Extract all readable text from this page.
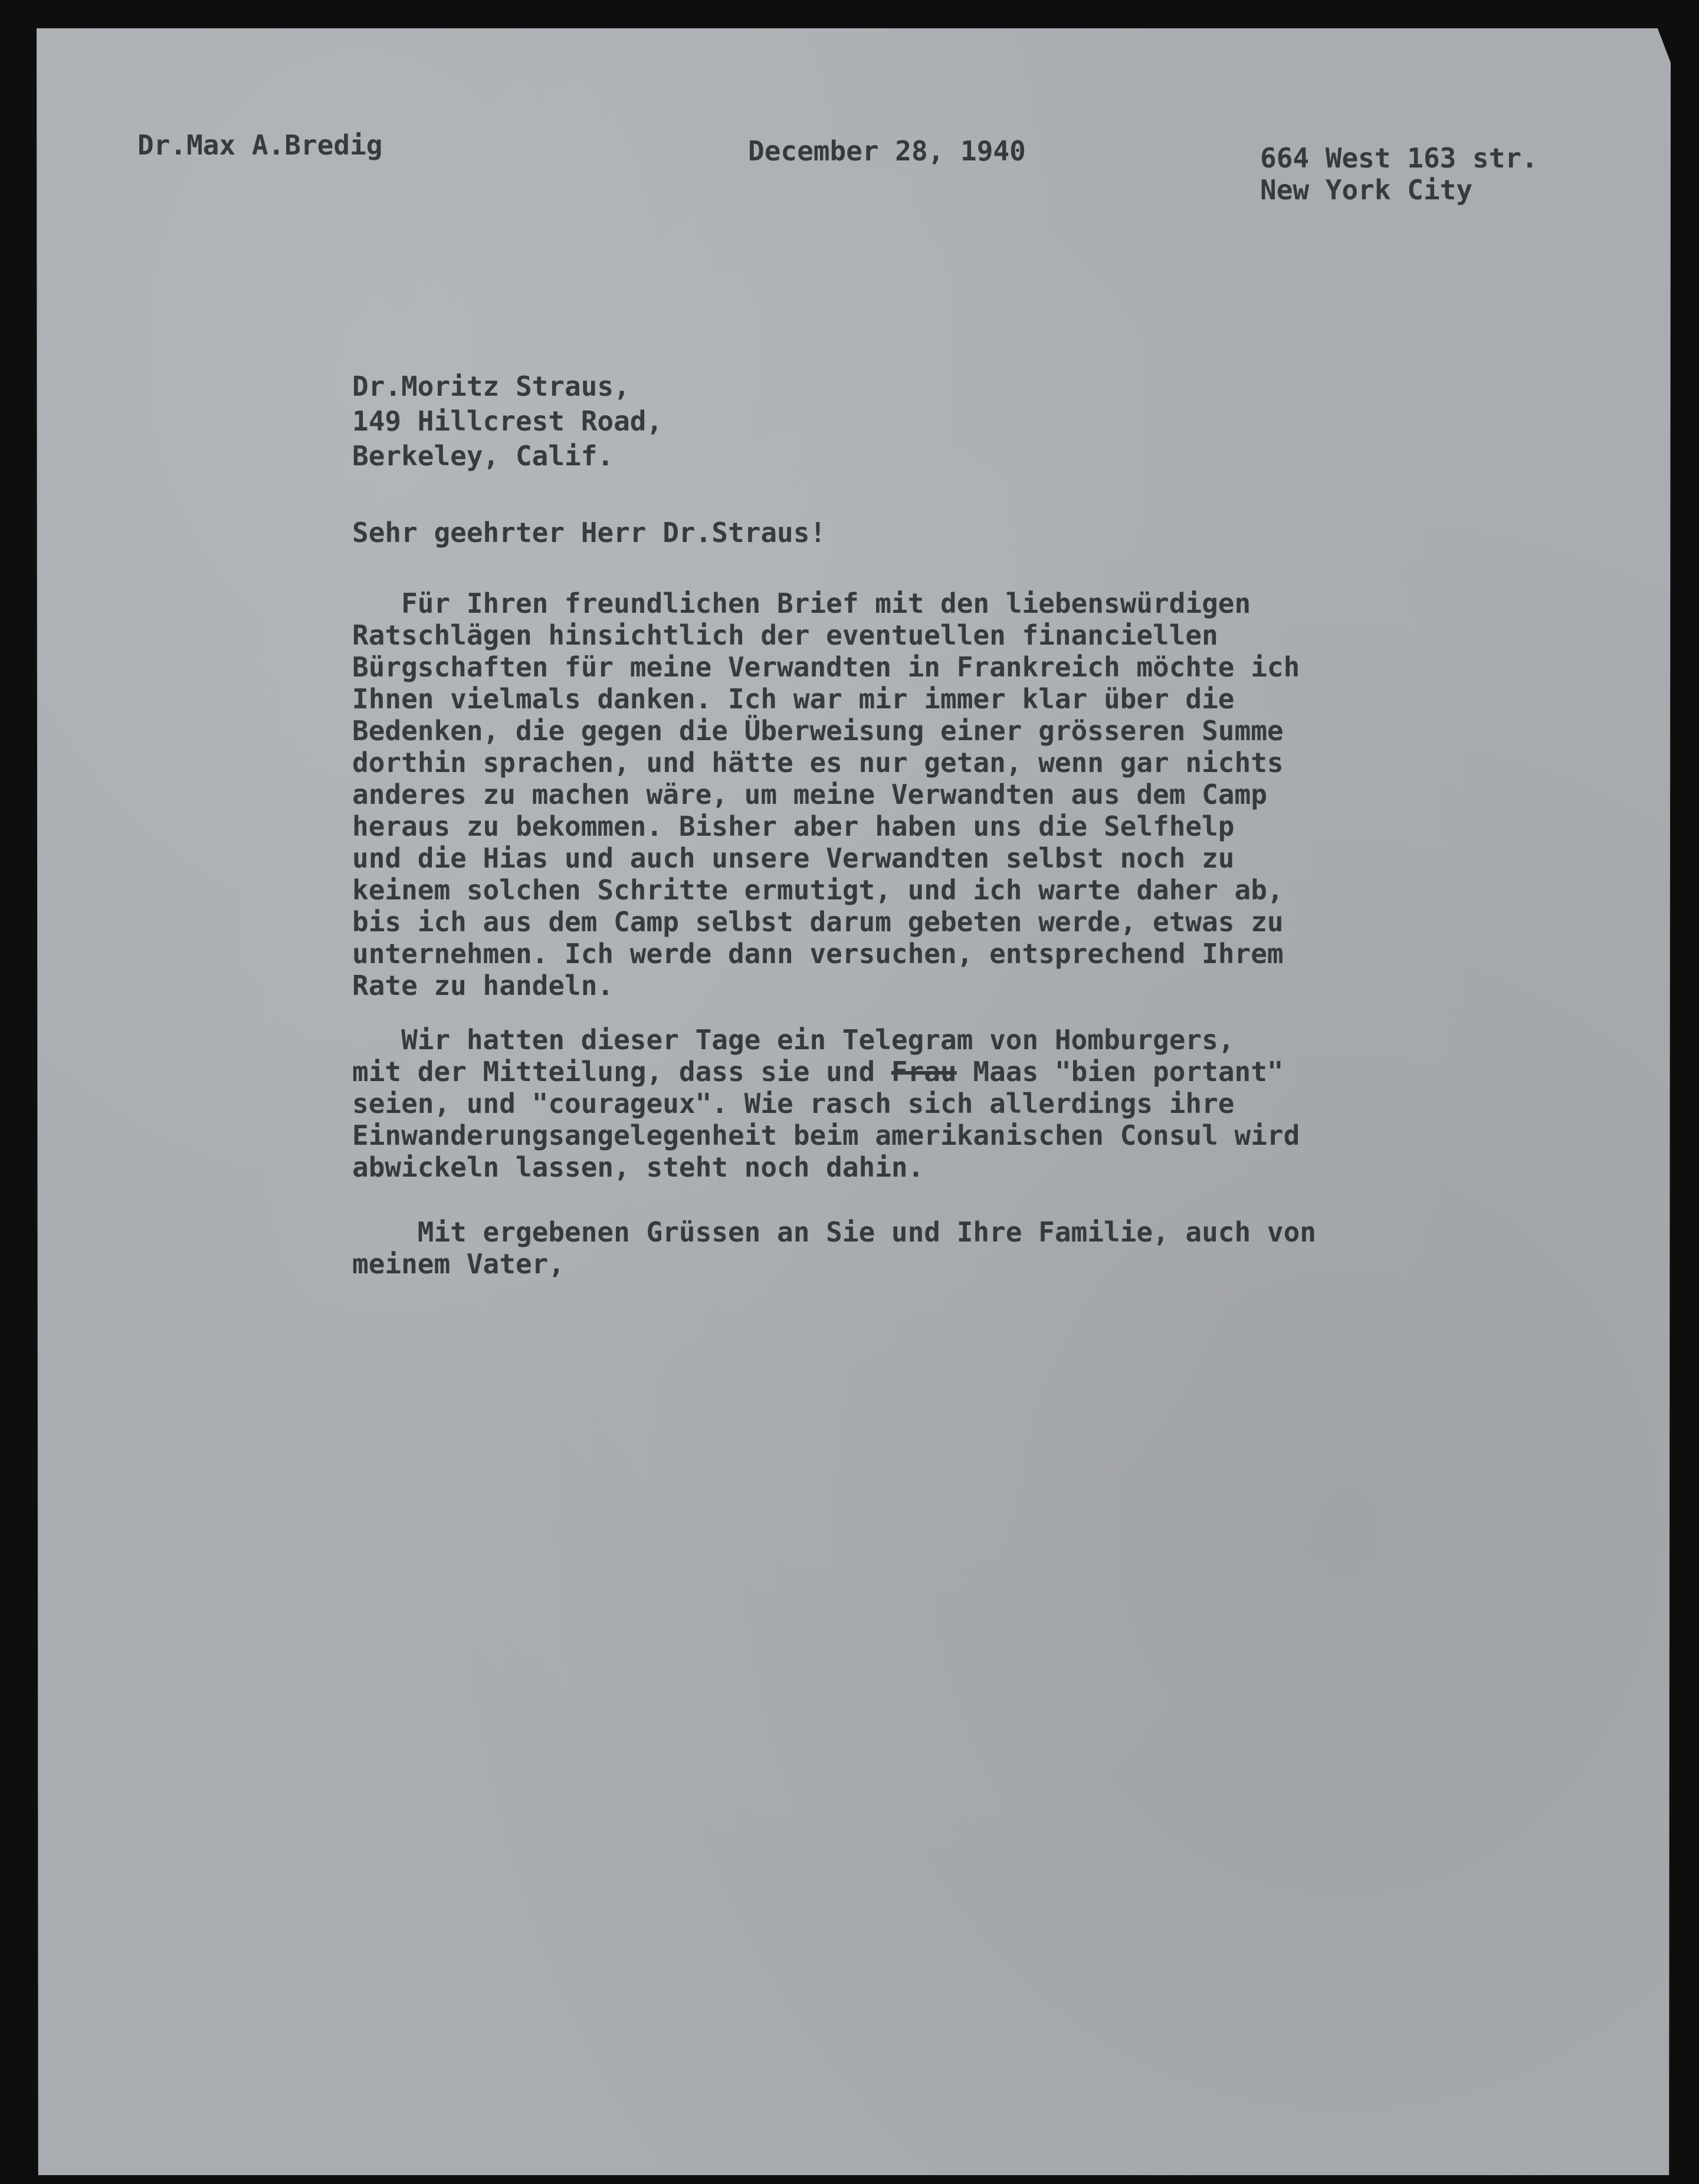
Dr.Max A.Bredig	December 28, 1940	664 West 163 str.

New York City

Dr.Moritz Straus,

149 Hillcrest Road,

Berkeley, Calif.

Sehr geehrter Herr Dr.Straus!

Für Ihren freundlichen Brief mit den liebenswürdigen

Ratschlägen hinsichtlich der eventuellen financiellen

Bürgschaften für meine Verwandten in Frankreich möchte ich

Ihnen vielmals danken. Ich war mir immer klar über die

Bedenken, die gegen die Überweisung einer grösseren Summe

dorthin sprachen, und hätte es nur getan, wenn gar nichts

anderes zu machen wäre, um meine Verwandten aus dem Camp

heraus zu bekommen. Bisher aber haben uns die Selfhelp

und die Hias und auch unsere Verwandten selbst noch zu

keinem solchen Schritte ermutigt, und ich warte daher ab,

bis ich aus dem Camp selbst darum gebeten werde, etwas zu

unternehmen. Ich werde dann versuchen, entsprechend Ihrem

Rate zu handeln.

Wir hatten dieser Tage ein Telegram von Homburgers,

mit der Mitteilung, dass sie und Frau Maas "bien portant"

seien, und "courageux". Wie rasch sich allerdings ihre

Einwanderungsangelegenheit beim amerikanischen Consul wird

abwickeln lassen, steht noch dahin.

Mit ergebenen Grüssen an Sie und Ihre Familie, auch von

meinem Vater,
